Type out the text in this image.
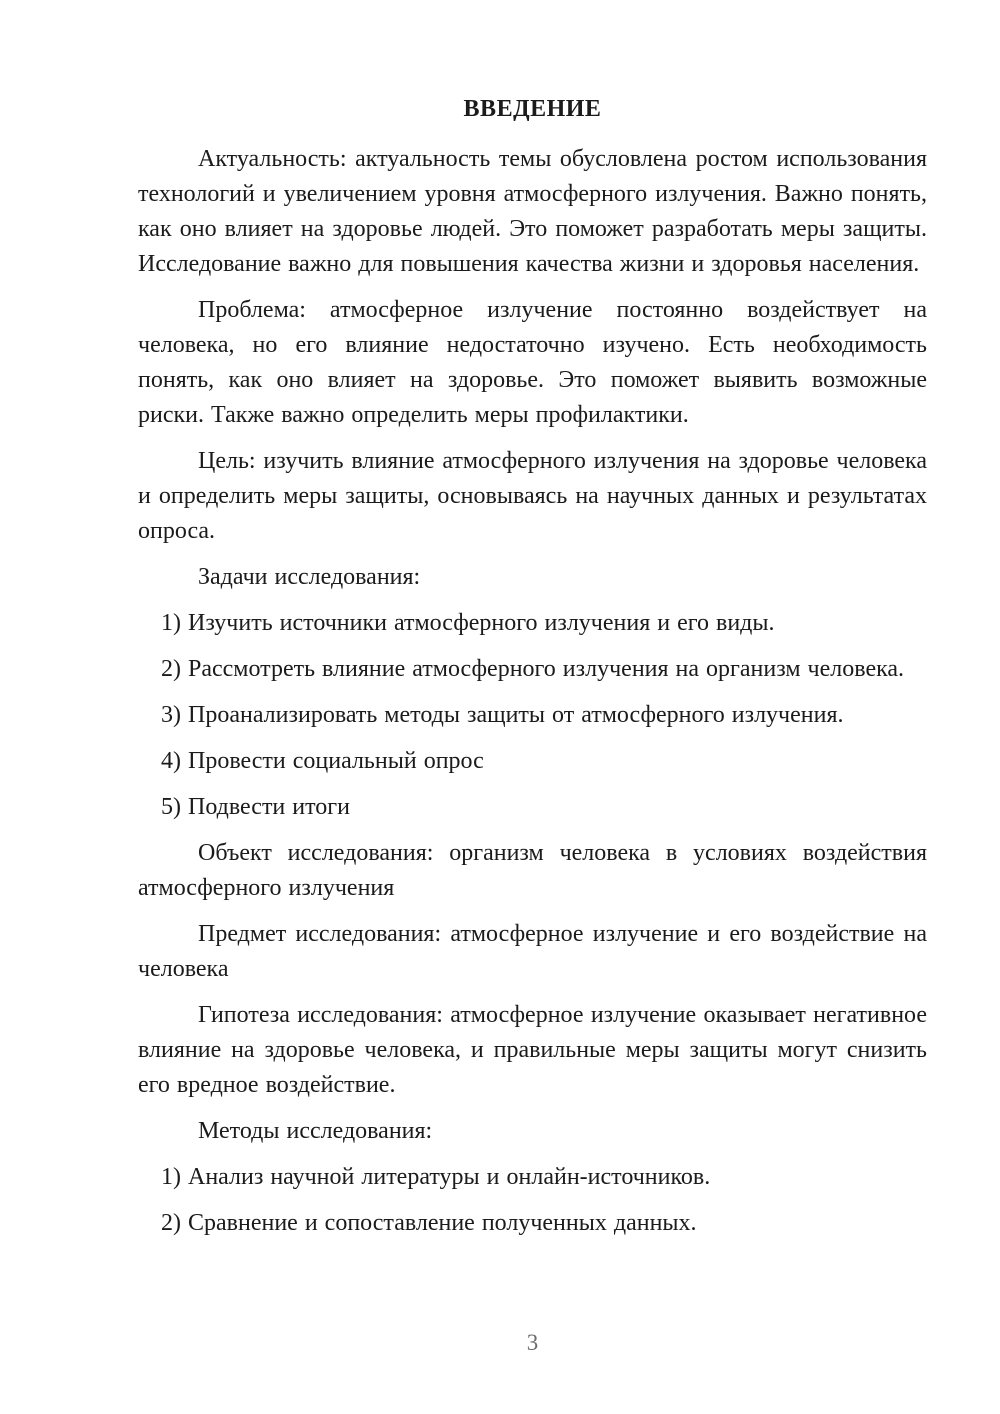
ВВЕДЕНИЕ

Актуальность: актуальность темы обусловлена ростом использования технологий и увеличением уровня атмосферного излучения. Важно понять, как оно влияет на здоровье людей. Это поможет разработать меры защиты. Исследование важно для повышения качества жизни и здоровья населения.

Проблема: атмосферное излучение постоянно воздействует на человека, но его влияние недостаточно изучено. Есть необходимость понять, как оно влияет на здоровье. Это поможет выявить возможные риски. Также важно определить меры профилактики.

Цель: изучить влияние атмосферного излучения на здоровье человека и определить меры защиты, основываясь на научных данных и результатах опроса.

Задачи исследования:

1) Изучить источники атмосферного излучения и его виды.

2) Рассмотреть влияние атмосферного излучения на организм человека.

3) Проанализировать методы защиты от атмосферного излучения.

4) Провести социальный опрос

5) Подвести итоги

Объект исследования: организм человека в условиях воздействия атмосферного излучения

Предмет исследования: атмосферное излучение и его воздействие на человека

Гипотеза исследования: атмосферное излучение оказывает негативное влияние на здоровье человека, и правильные меры защиты могут снизить его вредное воздействие.

Методы исследования:

1) Анализ научной литературы и онлайн-источников.

2) Сравнение и сопоставление полученных данных.

3
